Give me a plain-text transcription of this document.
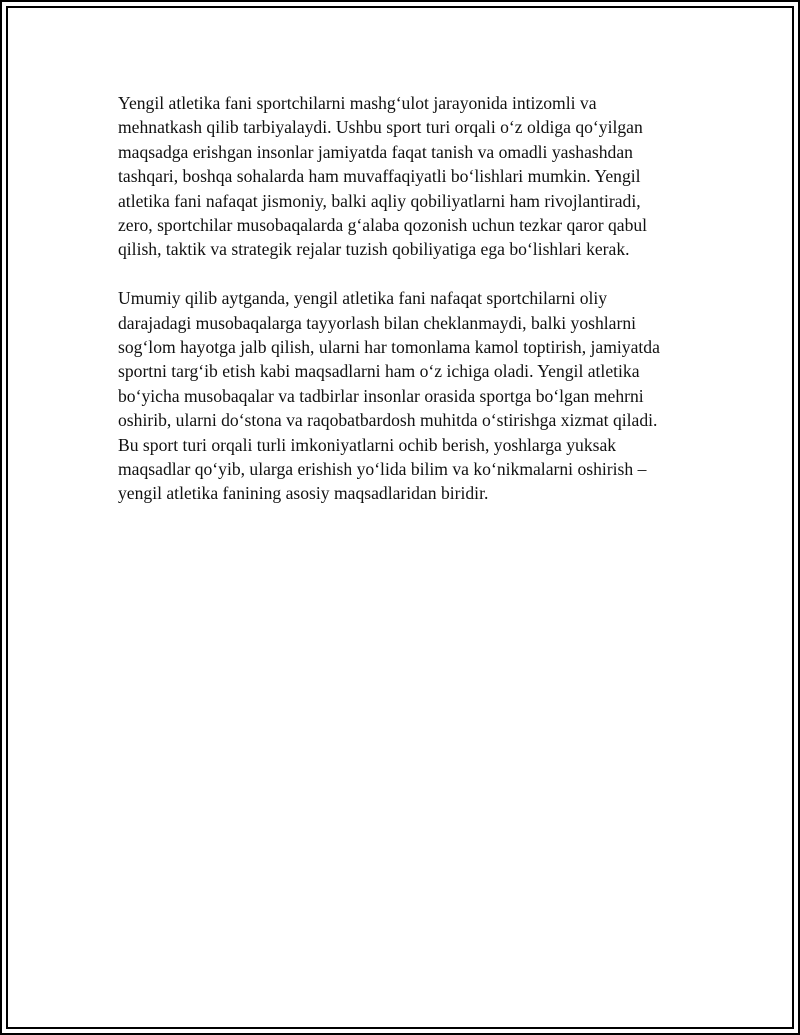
Yengil atletika fani sportchilarni mashg‘ulot jarayonida intizomli va
mehnatkash qilib tarbiyalaydi. Ushbu sport turi orqali o‘z oldiga qo‘yilgan
maqsadga erishgan insonlar jamiyatda faqat tanish va omadli yashashdan
tashqari, boshqa sohalarda ham muvaffaqiyatli bo‘lishlari mumkin. Yengil
atletika fani nafaqat jismoniy, balki aqliy qobiliyatlarni ham rivojlantiradi,
zero, sportchilar musobaqalarda g‘alaba qozonish uchun tezkar qaror qabul
qilish, taktik va strategik rejalar tuzish qobiliyatiga ega bo‘lishlari kerak.

Umumiy qilib aytganda, yengil atletika fani nafaqat sportchilarni oliy
darajadagi musobaqalarga tayyorlash bilan cheklanmaydi, balki yoshlarni
sog‘lom hayotga jalb qilish, ularni har tomonlama kamol toptirish, jamiyatda
sportni targ‘ib etish kabi maqsadlarni ham o‘z ichiga oladi. Yengil atletika
bo‘yicha musobaqalar va tadbirlar insonlar orasida sportga bo‘lgan mehrni
oshirib, ularni do‘stona va raqobatbardosh muhitda o‘stirishga xizmat qiladi.
Bu sport turi orqali turli imkoniyatlarni ochib berish, yoshlarga yuksak
maqsadlar qo‘yib, ularga erishish yo‘lida bilim va ko‘nikmalarni oshirish –
yengil atletika fanining asosiy maqsadlaridan biridir.
